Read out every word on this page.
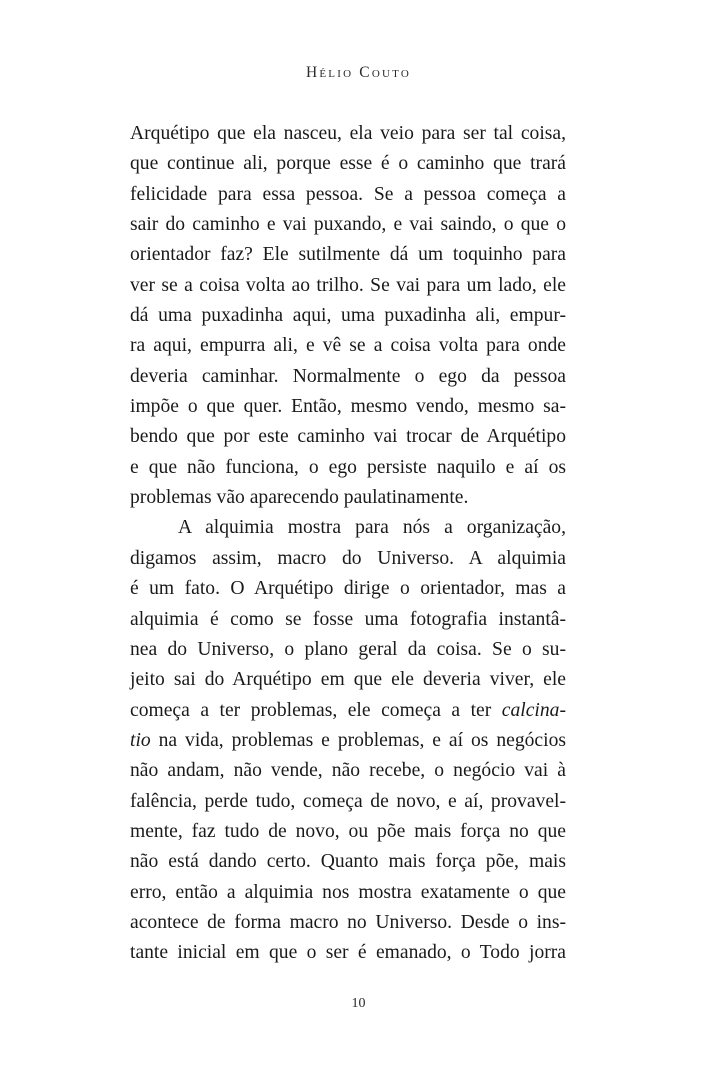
Hélio Couto
Arquétipo que ela nasceu, ela veio para ser tal coisa,
que continue ali, porque esse é o caminho que trará
felicidade para essa pessoa. Se a pessoa começa a
sair do caminho e vai puxando, e vai saindo, o que o
orientador faz? Ele sutilmente dá um toquinho para
ver se a coisa volta ao trilho. Se vai para um lado, ele
dá uma puxadinha aqui, uma puxadinha ali, empur-
ra aqui, empurra ali, e vê se a coisa volta para onde
deveria caminhar. Normalmente o ego da pessoa
impõe o que quer. Então, mesmo vendo, mesmo sa-
bendo que por este caminho vai trocar de Arquétipo
e que não funciona, o ego persiste naquilo e aí os
problemas vão aparecendo paulatinamente.
A alquimia mostra para nós a organização,
digamos assim, macro do Universo. A alquimia
é um fato. O Arquétipo dirige o orientador, mas a
alquimia é como se fosse uma fotografia instantâ-
nea do Universo, o plano geral da coisa. Se o su-
jeito sai do Arquétipo em que ele deveria viver, ele
começa a ter problemas, ele começa a ter calcina-
tio na vida, problemas e problemas, e aí os negócios
não andam, não vende, não recebe, o negócio vai à
falência, perde tudo, começa de novo, e aí, provavel-
mente, faz tudo de novo, ou põe mais força no que
não está dando certo. Quanto mais força põe, mais
erro, então a alquimia nos mostra exatamente o que
acontece de forma macro no Universo. Desde o ins-
tante inicial em que o ser é emanado, o Todo jorra
10
